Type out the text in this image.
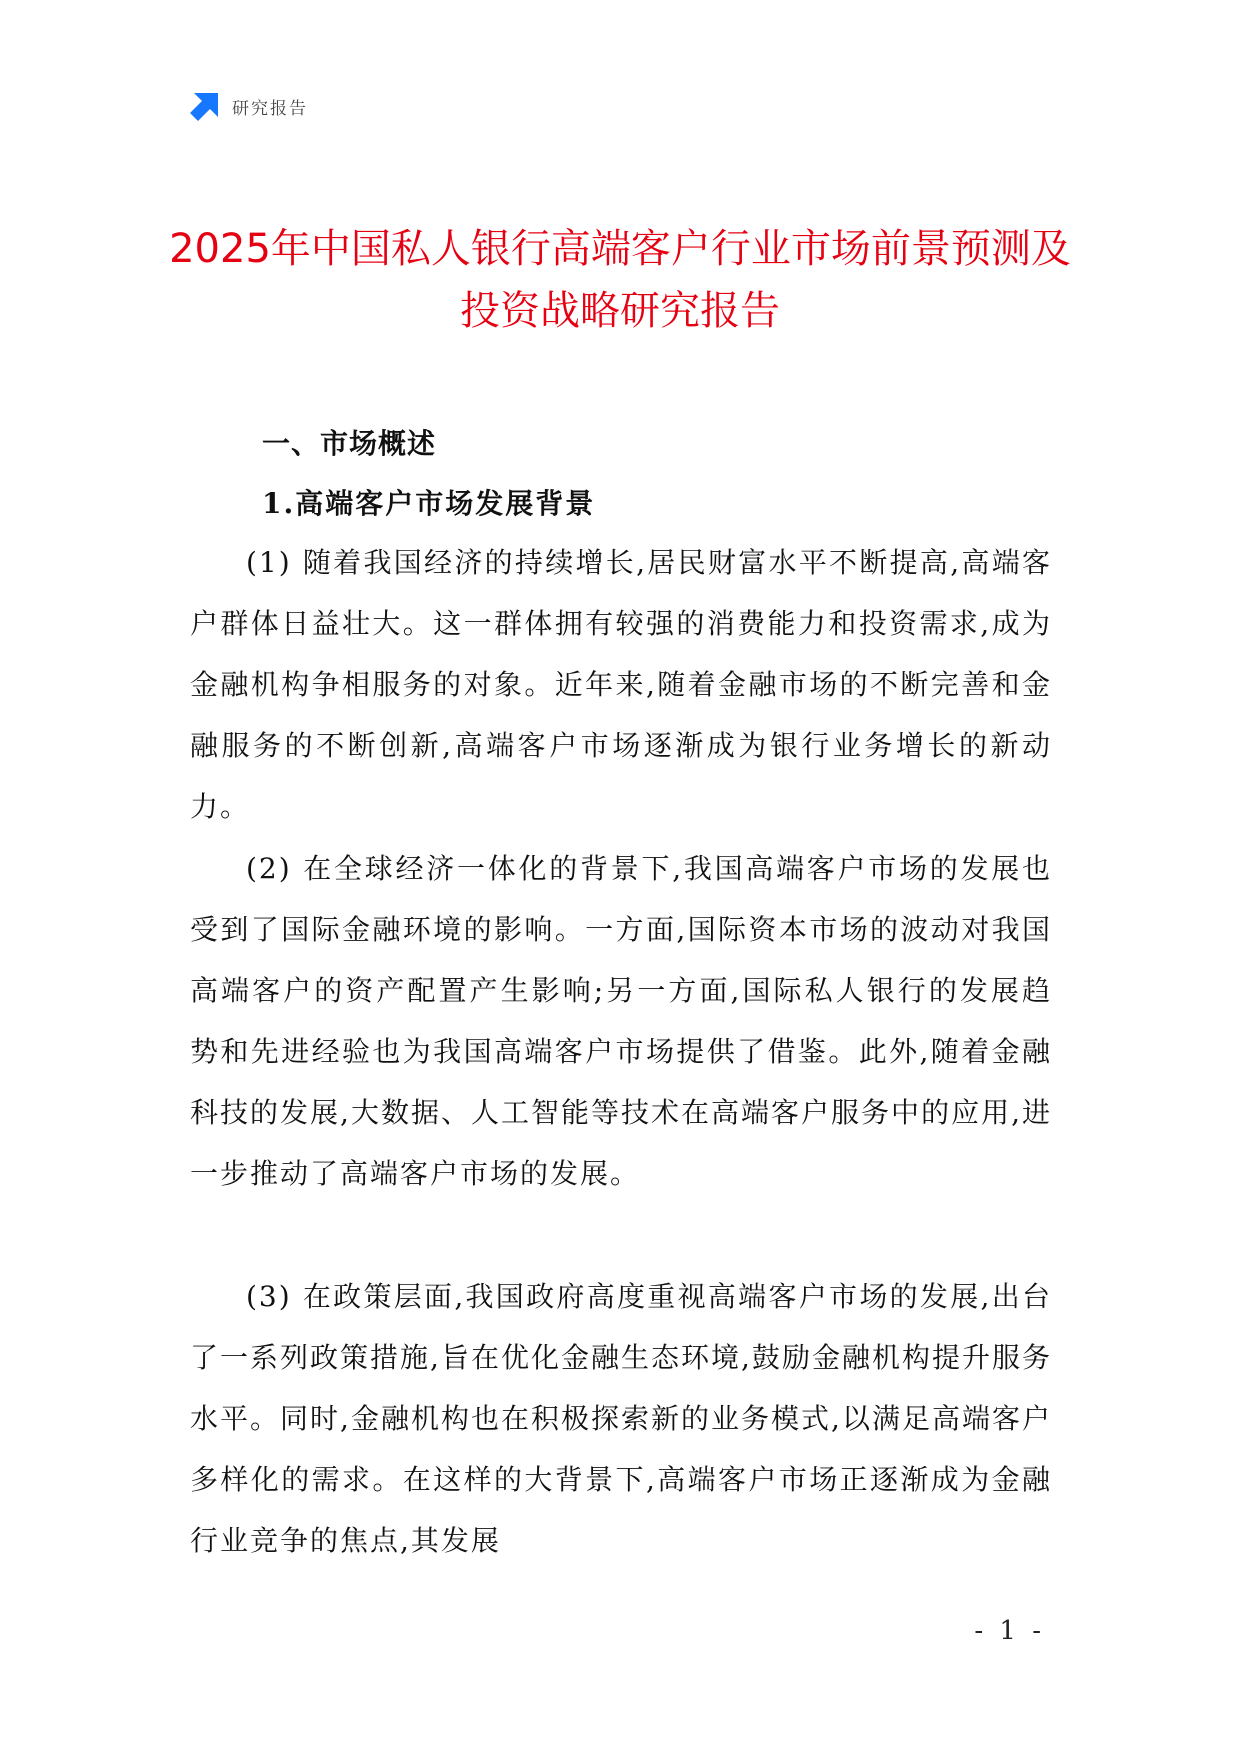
研究报告
2025年中国私人银行高端客户行业市场前景预测及投资战略研究报告
一、市场概述
1.高端客户市场发展背景

(1) 随着我国经济的持续增长,居民财富水平不断提高,高端客户群体日益壮大。这一群体拥有较强的消费能力和投资需求,成为金融机构争相服务的对象。近年来,随着金融市场的不断完善和金融服务的不断创新,高端客户市场逐渐成为银行业务增长的新动力。

(2) 在全球经济一体化的背景下,我国高端客户市场的发展也受到了国际金融环境的影响。一方面,国际资本市场的波动对我国高端客户的资产配置产生影响;另一方面,国际私人银行的发展趋势和先进经验也为我国高端客户市场提供了借鉴。此外,随着金融科技的发展,大数据、人工智能等技术在高端客户服务中的应用,进一步推动了高端客户市场的发展。

(3) 在政策层面,我国政府高度重视高端客户市场的发展,出台了一系列政策措施,旨在优化金融生态环境,鼓励金融机构提升服务水平。同时,金融机构也在积极探索新的业务模式,以满足高端客户多样化的需求。在这样的大背景下,高端客户市场正逐渐成为金融行业竞争的焦点,其发展

- 1 -
